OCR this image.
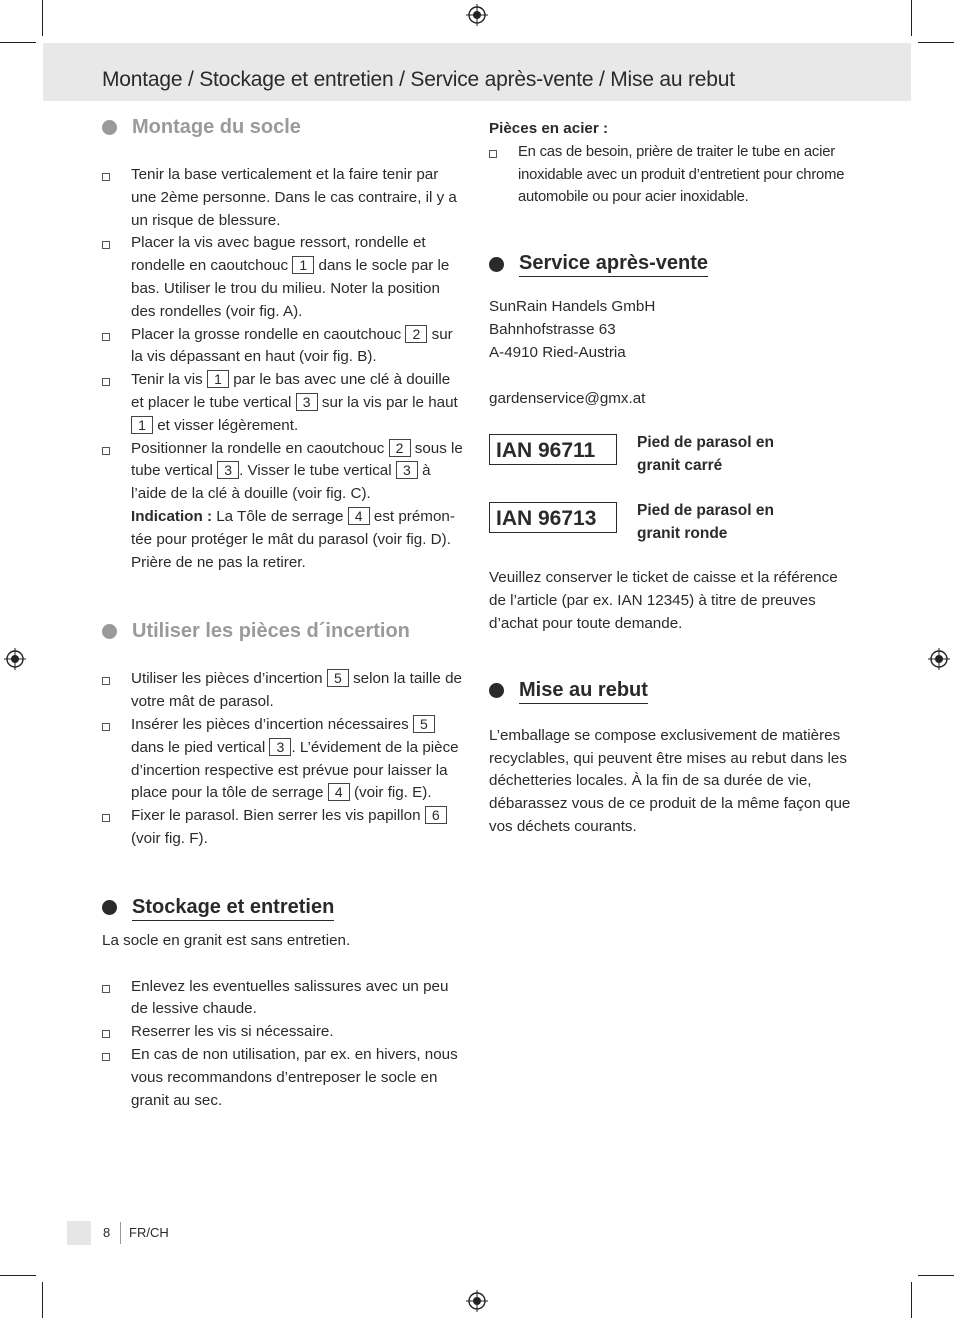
Montage / Stockage et entretien / Service après-vente / Mise au rebut
Montage du socle
Tenir la base verticalement et la faire tenir par une 2ème personne. Dans le cas contraire, il y a un risque de blessure.
Placer la vis avec bague ressort, rondelle et rondelle en caoutchouc 1 dans le socle par le bas. Utiliser le trou du milieu. Noter la position des rondelles (voir fig. A).
Placer la grosse rondelle en caoutchouc 2 sur la vis dépassant en haut (voir fig. B).
Tenir la vis 1 par le bas avec une clé à douille et placer le tube vertical 3 sur la vis par le haut 1 et visser légèrement.
Positionner la rondelle en caoutchouc 2 sous le tube vertical 3 . Visser le tube vertical 3 à l’aide de la clé à douille (voir fig. C).

Indication : La Tôle de serrage 4 est prémontée pour protéger le mât du parasol (voir fig. D). Prière de ne pas la retirer.

Utiliser les pièces d´incertion
Utiliser les pièces d’incertion 5 selon la taille de votre mât de parasol.
Insérer les pièces d’incertion nécessaires 5 dans le pied vertical 3 . L’évidement de la pièce d’incertion respective est prévue pour laisser la place pour la tôle de serrage 4 (voir fig. E).
Fixer le parasol. Bien serrer les vis papillon 6 (voir fig. F).
Stockage et entretien

La socle en granit est sans entretien.

Enlevez les eventuelles salissures avec un peu de lessive chaude.
Reserrer les vis si nécessaire.
En cas de non utilisation, par ex. en hivers, nous vous recommandons d’entreposer le socle en granit au sec.

Pièces en acier :

En cas de besoin, prière de traiter le tube en acier inoxidable avec un produit d’entretient pour chrome automobile ou pour acier inoxidable.
Service après-vente

SunRain Handels GmbH

Bahnhofstrasse 63

A-4910 Ried-Austria

gardenservice@gmx.at

IAN 96711	Pied de parasol en granit carré
IAN 96713	Pied de parasol en granit ronde

Veuillez conserver le ticket de caisse et la référence de l’article (par ex. IAN 12345) à titre de preuves d’achat pour toute demande.

Mise au rebut

L’emballage se compose exclusivement de matières recyclables, qui peuvent être mises au rebut dans les déchetteries locales. À la fin de sa durée de vie, débarassez vous de ce produit de la même façon que vos déchets courants.

8 FR/CH
